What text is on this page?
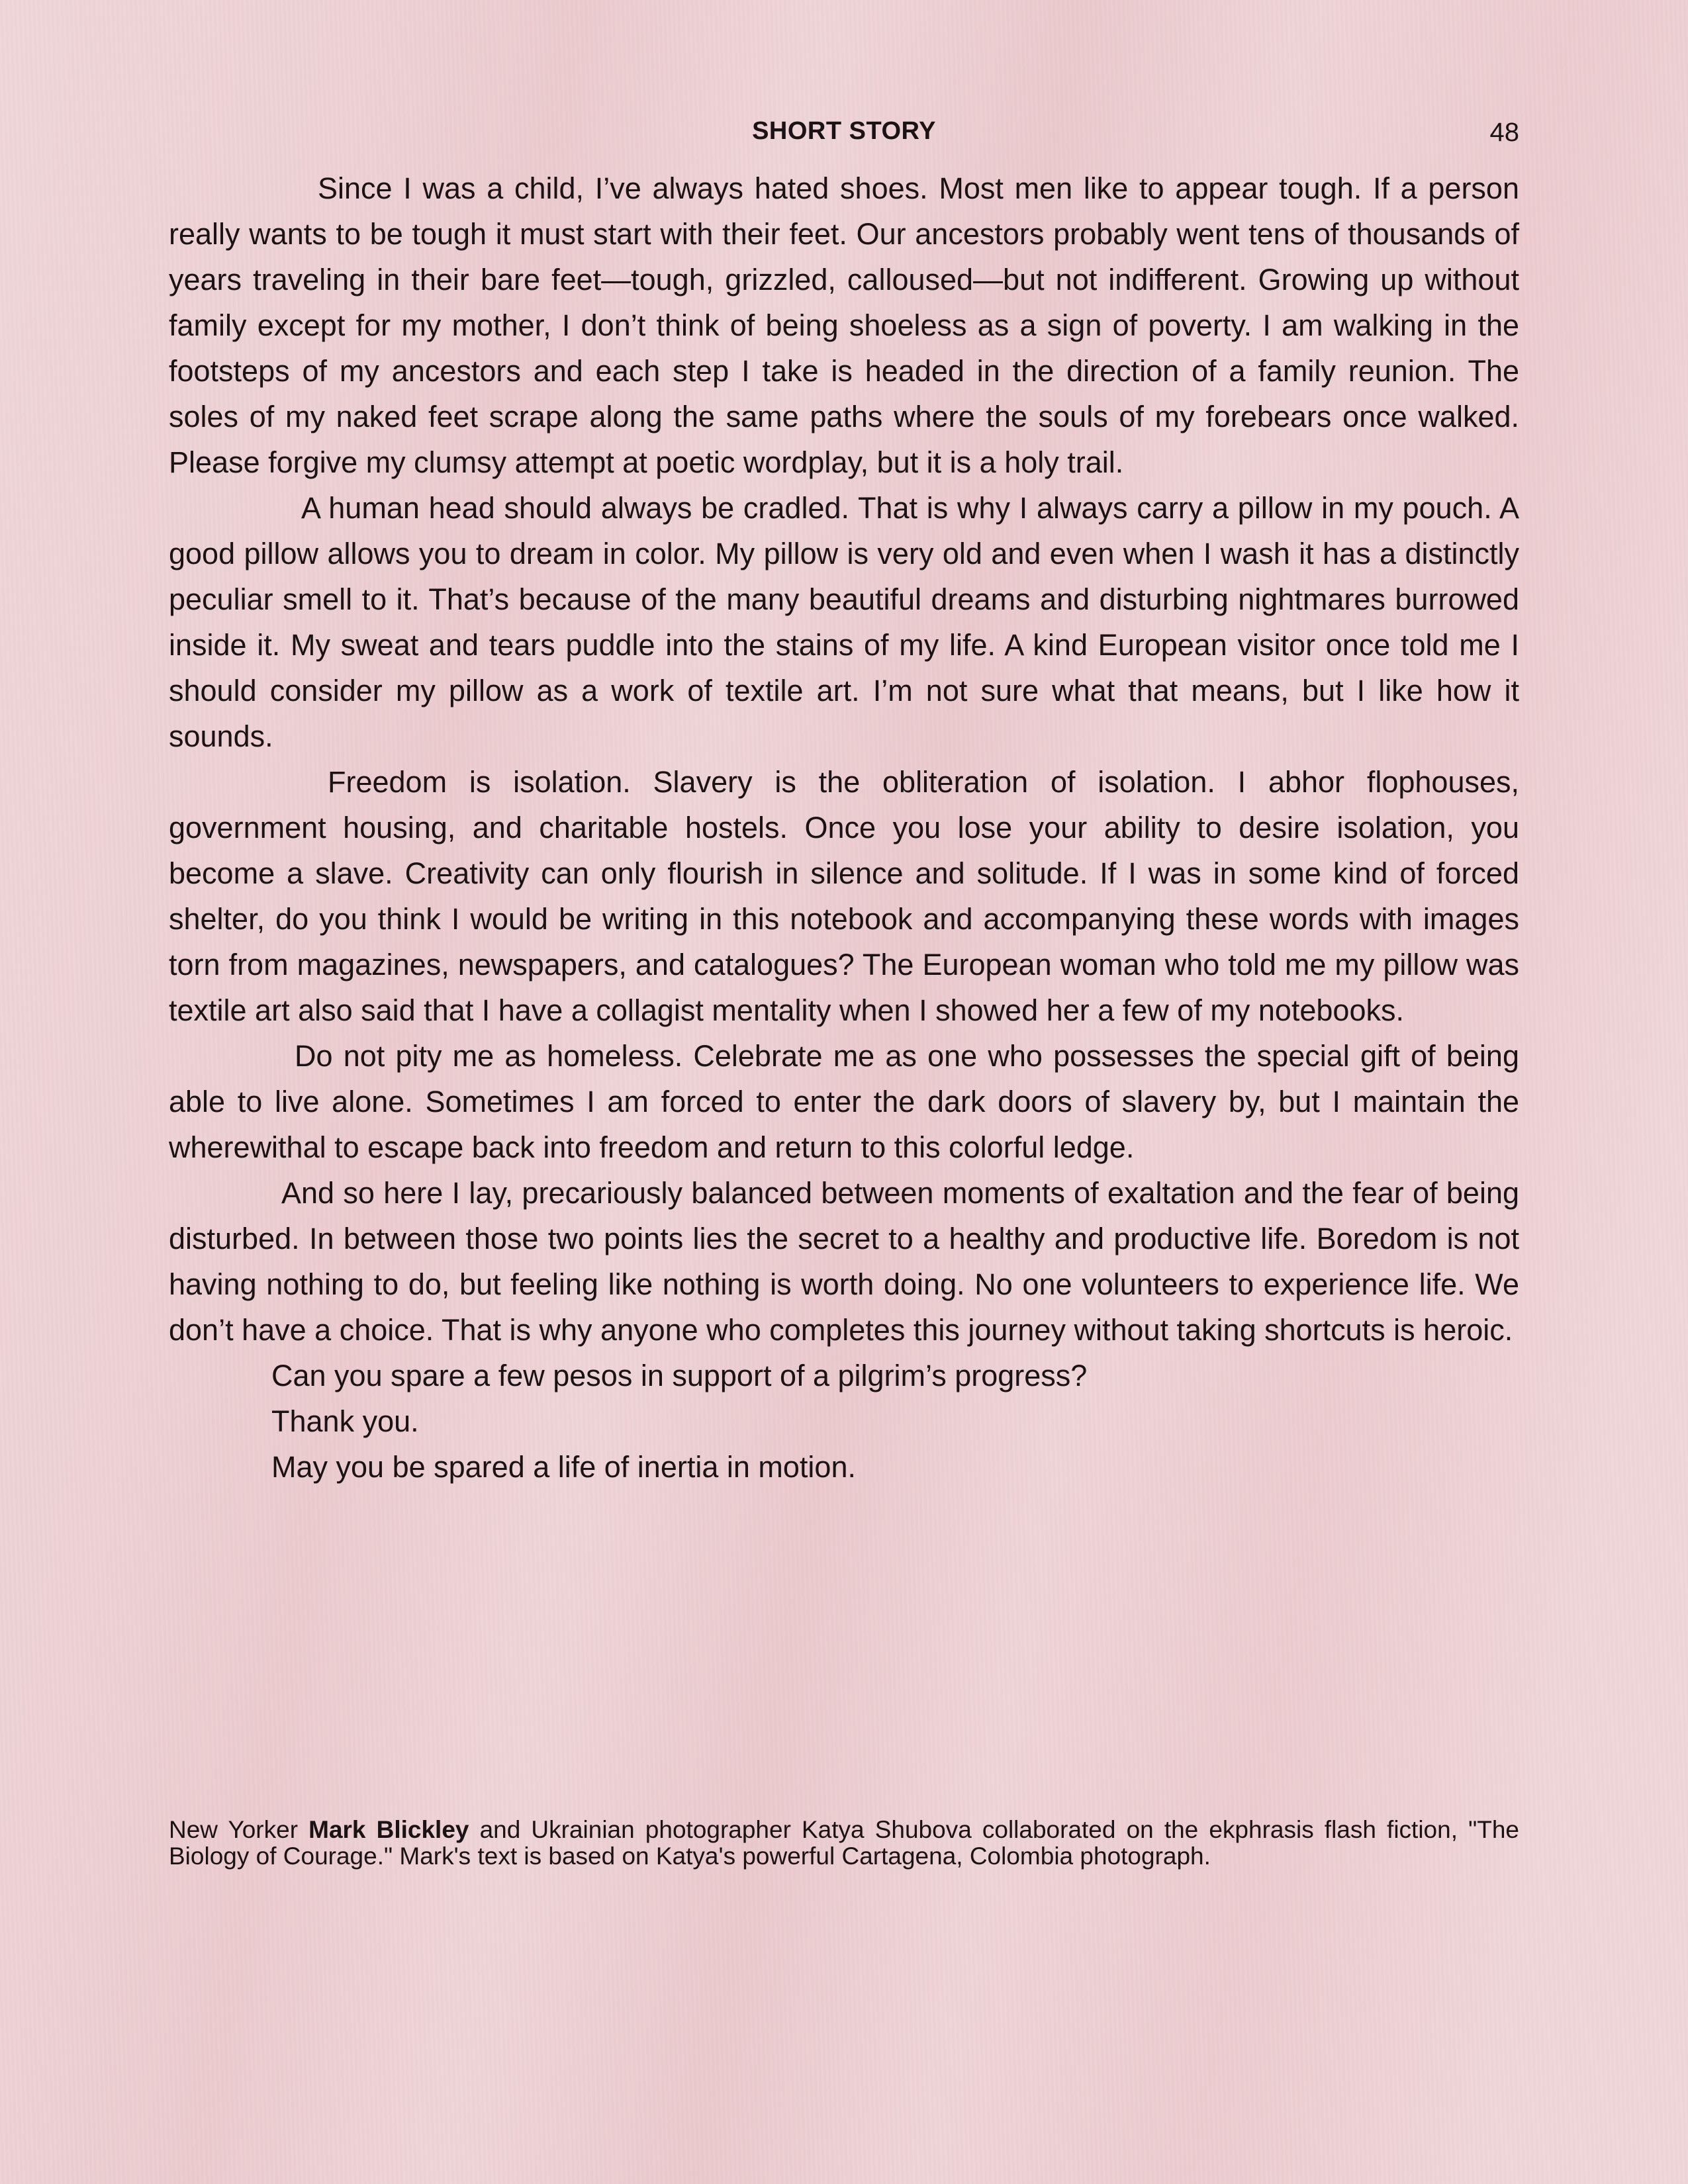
SHORT STORY	48

Since I was a child, I’ve always hated shoes. Most men like to appear tough. If a person really wants to be tough it must start with their feet. Our ancestors probably went tens of thousands of years traveling in their bare feet—tough, grizzled, calloused—but not indifferent. Growing up without family except for my mother, I don’t think of being shoeless as a sign of poverty. I am walking in the footsteps of my ancestors and each step I take is headed in the direction of a family reunion. The soles of my naked feet scrape along the same paths where the souls of my forebears once walked. Please forgive my clumsy attempt at poetic wordplay, but it is a holy trail.

A human head should always be cradled. That is why I always carry a pillow in my pouch. A good pillow allows you to dream in color. My pillow is very old and even when I wash it has a distinctly peculiar smell to it. That’s because of the many beautiful dreams and disturbing nightmares burrowed inside it. My sweat and tears puddle into the stains of my life. A kind European visitor once told me I should consider my pillow as a work of textile art. I’m not sure what that means, but I like how it sounds.

Freedom is isolation. Slavery is the obliteration of isolation. I abhor flophouses, government housing, and charitable hostels. Once you lose your ability to desire isolation, you become a slave. Creativity can only flourish in silence and solitude. If I was in some kind of forced shelter, do you think I would be writing in this notebook and accompanying these words with images torn from magazines, newspapers, and catalogues? The European woman who told me my pillow was textile art also said that I have a collagist mentality when I showed her a few of my notebooks.

Do not pity me as homeless. Celebrate me as one who possesses the special gift of being able to live alone. Sometimes I am forced to enter the dark doors of slavery by, but I maintain the wherewithal to escape back into freedom and return to this colorful ledge.

And so here I lay, precariously balanced between moments of exaltation and the fear of being disturbed. In between those two points lies the secret to a healthy and productive life. Boredom is not having nothing to do, but feeling like nothing is worth doing. No one volunteers to experience life. We don’t have a choice. That is why anyone who completes this journey without taking shortcuts is heroic.

Can you spare a few pesos in support of a pilgrim’s progress?

Thank you.

May you be spared a life of inertia in motion.

New Yorker Mark Blickley and Ukrainian photographer Katya Shubova collaborated on the ekphrasis flash fiction, "The Biology of Courage." Mark's text is based on Katya's powerful Cartagena, Colombia photograph.
